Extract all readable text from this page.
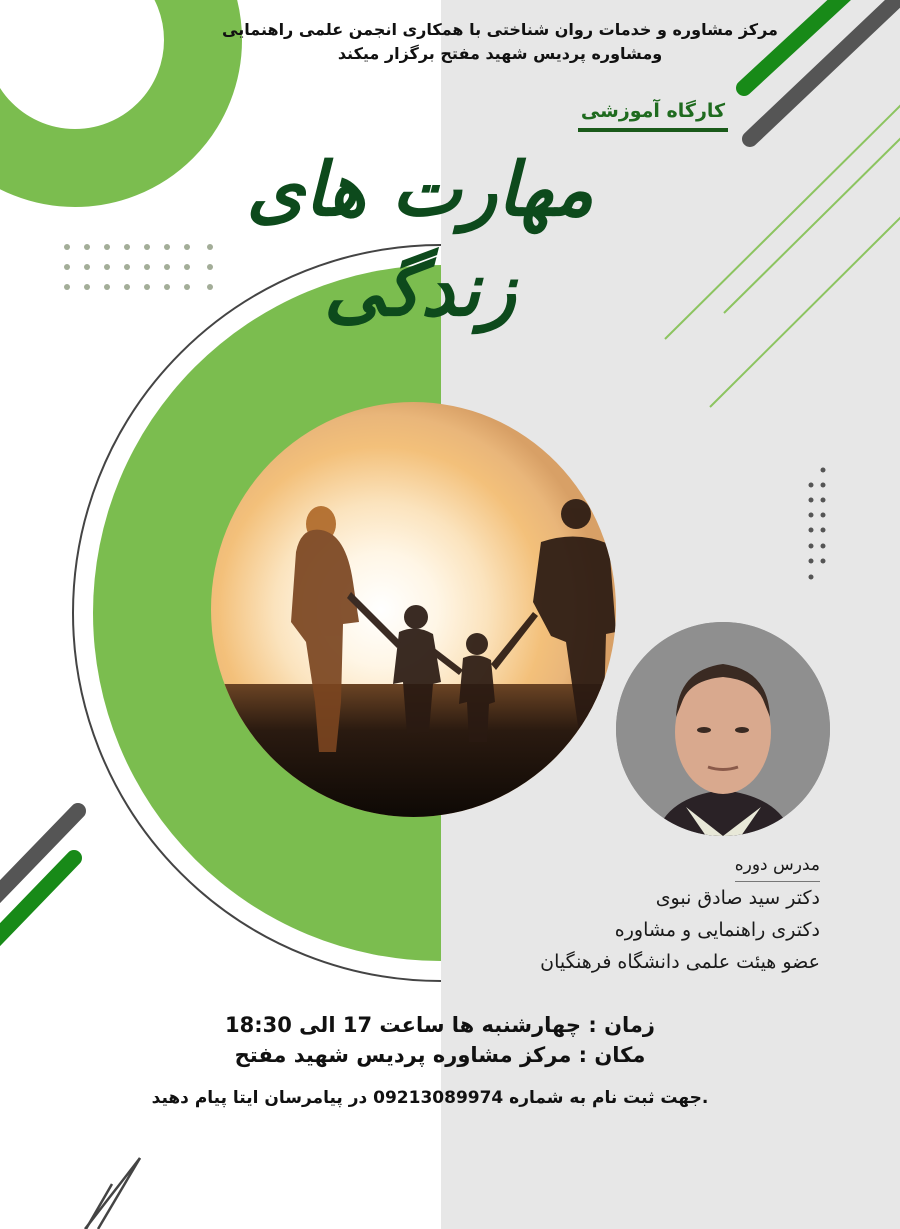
مرکز مشاوره و خدمات روان شناختی با همکاری انجمن علمی راهنمایی
ومشاوره پردیس شهید مفتح برگزار میکند
کارگاه آموزشی
مهارت های زندگی
مدرس دوره
دکتر سید صادق نبوی
دکتری راهنمایی و مشاوره
عضو هیئت علمی دانشگاه فرهنگیان
زمان : چهارشنبه ها ساعت 17 الی 18:30
مکان : مرکز مشاوره پردیس شهید مفتح
.جهت ثبت نام به شماره 09213089974 در پیامرسان ایتا پیام دهید
